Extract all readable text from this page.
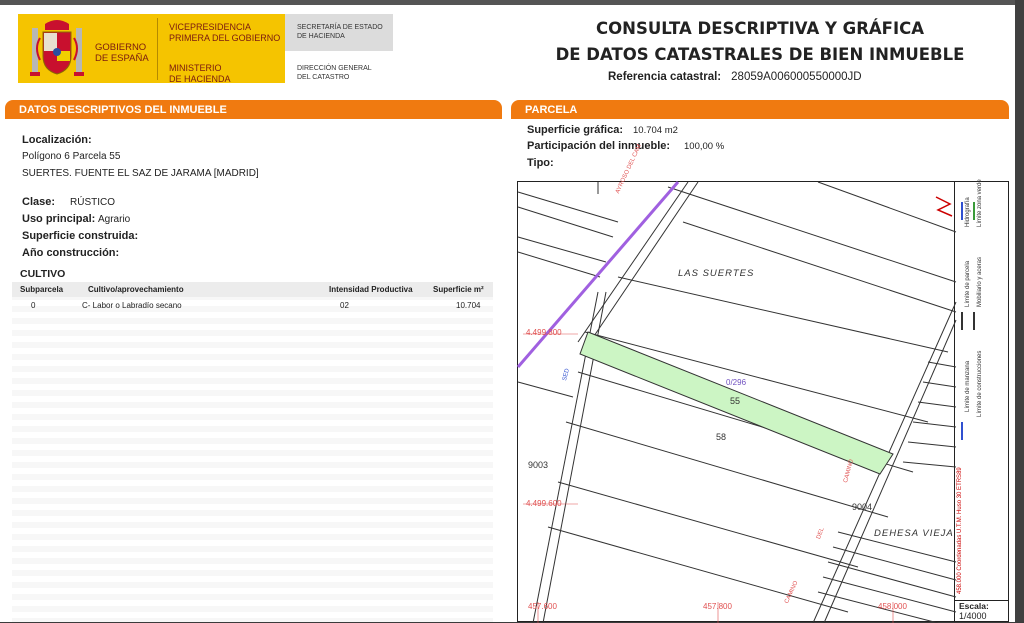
GOBIERNO
DE ESPAÑA
VICEPRESIDENCIA
PRIMERA DEL GOBIERNO
MINISTERIO
DE HACIENDA
SECRETARÍA DE ESTADO
DE HACIENDA
DIRECCIÓN GENERAL
DEL CATASTRO
CONSULTA DESCRIPTIVA Y GRÁFICA
DE DATOS CATASTRALES DE BIEN INMUEBLE
Referencia catastral: 28059A006000550000JD
DATOS DESCRIPTIVOS DEL INMUEBLE	PARCELA
Localización:
Polígono 6 Parcela 55
SUERTES. FUENTE EL SAZ DE JARAMA [MADRID]
Clase: RÚSTICO
Uso principal: Agrario
Superficie construida:
Año construcción:
CULTIVO
Subparcela	Cultivo/aprovechamiento	Intensidad Productiva	Superficie m²
0	C- Labor o Labradío secano	02	10.704
Superficie gráfica: 10.704 m2
Participación del inmueble: 100,00 %
Tipo:
LAS SUERTES
DEHESA VIEJA
55
58
9003
9004
0/296
4.499.800
4.499.600
457.600	457.800	458.000
AYROSO DEL CAM
CAMINO
DEL
CAMINO
SED
458.000 Coordenadas U.T.M. Huso 30 ETRS89
Límite de manzana
Límite de parcela
Límite de construcciones
Mobiliario y aceras
Límite zona verde
Hidrografía
Escala:
1/4000
